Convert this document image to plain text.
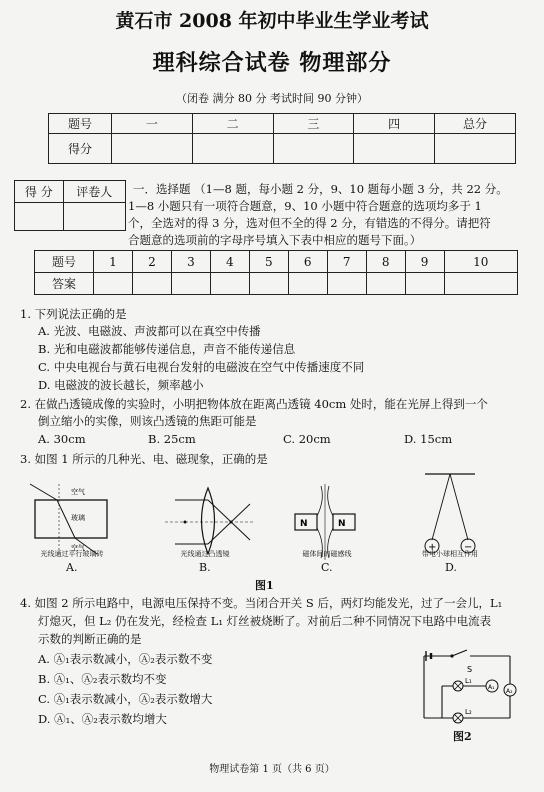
黄石市 2008 年初中毕业生学业考试
理科综合试卷 物理部分
（闭卷 满分 80 分 考试时间 90 分钟）
题号	一	二	三	四	总分
得分					
得 分	评卷人
	一．选择题 （1—8 题，每小题 2 分，9、10 题每小题 3 分，共 22 分。
1—8 小题只有一项符合题意，9、10 小题中符合题意的选项均多于 1
个，全选对的得 3 分，选对但不全的得 2 分，有错选的不得分。请把符
合题意的选项前的字母序号填入下表中相应的题号下面。）
题号	1	2	3	4	5	6	7	8	9	10
答案										
1. 下列说法正确的是
A. 光波、电磁波、声波都可以在真空中传播
B. 光和电磁波都能够传递信息，声音不能传递信息
C. 中央电视台与黄石电视台发射的电磁波在空气中传播速度不同
D. 电磁波的波长越长，频率越小
2. 在做凸透镜成像的实验时，小明把物体放在距离凸透镜 40cm 处时，能在光屏上得到一个
倒立缩小的实像，则该凸透镜的焦距可能是
A. 30cm	B. 25cm	C. 20cm	D. 15cm
3. 如图 1 所示的几种光、电、磁现象，正确的是
空气
玻璃
空气
N	N
+	−
光线通过平行玻璃砖	光线通过凸透镜	磁体间的磁感线	带电小球相互作用
A.	B.	C.	D.
图1
4. 如图 2 所示电路中，电源电压保持不变。当闭合开关 S 后，两灯均能发光，过了一会儿，L₁
灯熄灭，但 L₂ 仍在发光，经检查 L₁ 灯丝被烧断了。对前后二种不同情况下电路中电流表
示数的判断正确的是
A. Ⓐ₁表示数减小，Ⓐ₂表示数不变
B. Ⓐ₁、Ⓐ₂表示数均不变
C. Ⓐ₁表示数减小，Ⓐ₂表示数增大
D. Ⓐ₁、Ⓐ₂表示数均增大
S
L₁
L₂
A₁
A₂
图2
物理试卷第 1 页（共 6 页）
